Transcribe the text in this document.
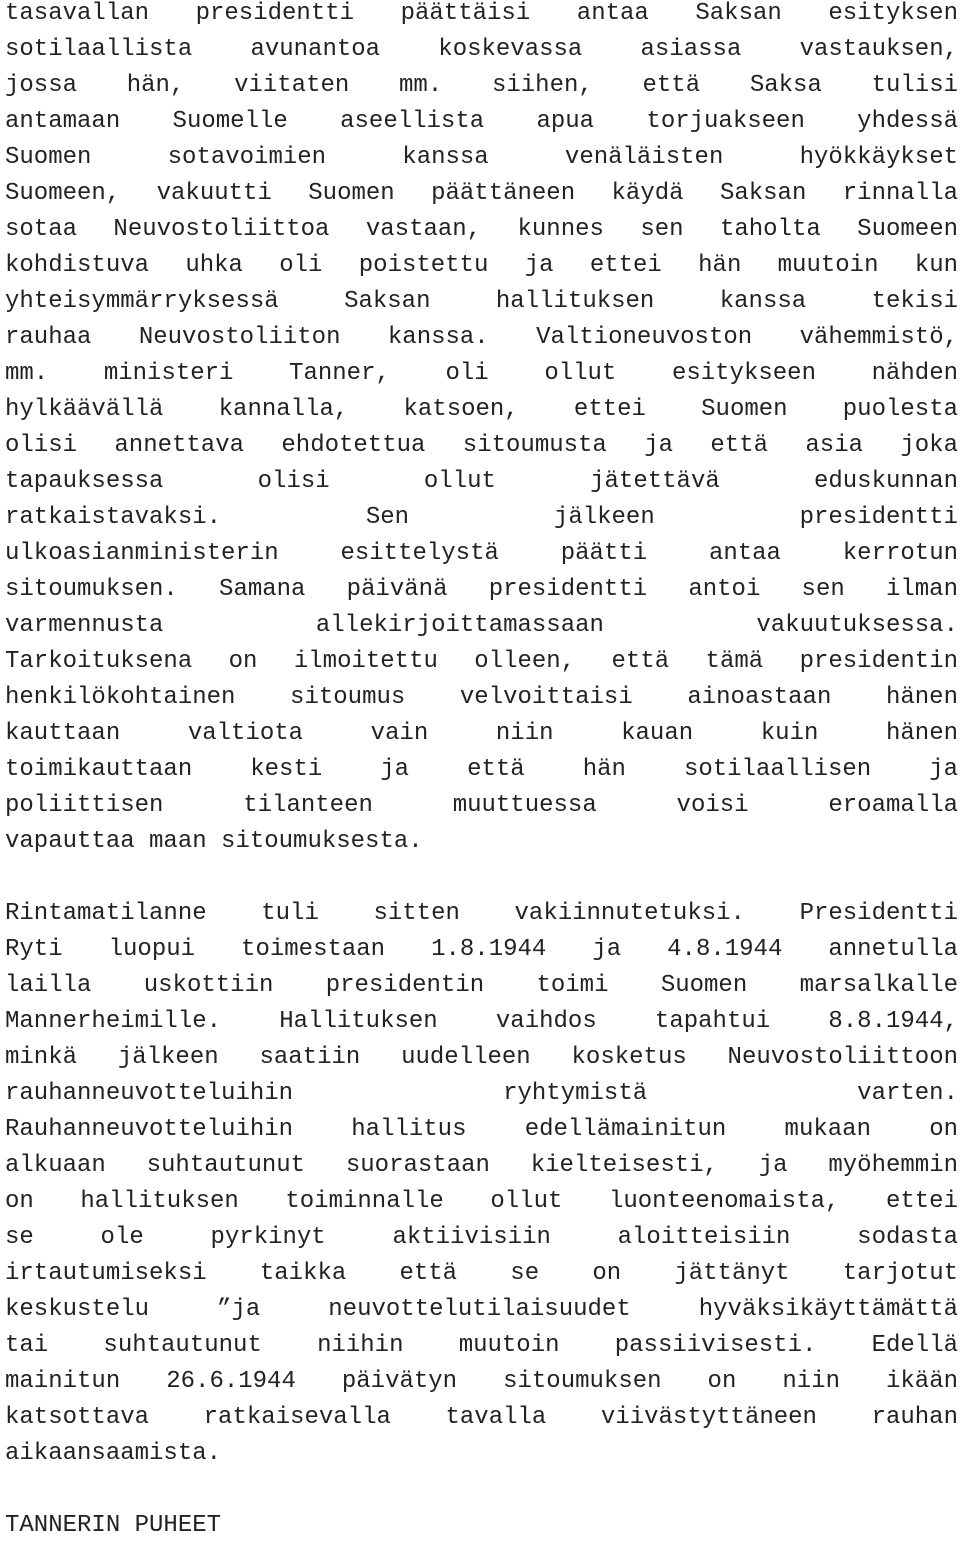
tasavallan presidentti päättäisi antaa Saksan esityksen
sotilaallista avunantoa koskevassa asiassa vastauksen,
jossa hän, viitaten mm. siihen, että Saksa tulisi
antamaan Suomelle aseellista apua torjuakseen yhdessä
Suomen sotavoimien kanssa venäläisten hyökkäykset
Suomeen, vakuutti Suomen päättäneen käydä Saksan rinnalla
sotaa Neuvostoliittoa vastaan, kunnes sen taholta Suomeen
kohdistuva uhka oli poistettu ja ettei hän muutoin kun
yhteisymmärryksessä Saksan hallituksen kanssa tekisi
rauhaa Neuvostoliiton kanssa. Valtioneuvoston vähemmistö,
mm. ministeri Tanner, oli ollut esitykseen nähden
hylkäävällä kannalla, katsoen, ettei Suomen puolesta
olisi annettava ehdotettua sitoumusta ja että asia joka
tapauksessa olisi ollut jätettävä eduskunnan
ratkaistavaksi. Sen jälkeen presidentti
ulkoasianministerin esittelystä päätti antaa kerrotun
sitoumuksen. Samana päivänä presidentti antoi sen ilman
varmennusta allekirjoittamassaan vakuutuksessa.
Tarkoituksena on ilmoitettu olleen, että tämä presidentin
henkilökohtainen sitoumus velvoittaisi ainoastaan hänen
kauttaan valtiota vain niin kauan kuin hänen
toimikauttaan kesti ja että hän sotilaallisen ja
poliittisen tilanteen muuttuessa voisi eroamalla
vapauttaa maan sitoumuksesta.
Rintamatilanne tuli sitten vakiinnutetuksi. Presidentti
Ryti luopui toimestaan 1.8.1944 ja 4.8.1944 annetulla
lailla uskottiin presidentin toimi Suomen marsalkalle
Mannerheimille. Hallituksen vaihdos tapahtui 8.8.1944,
minkä jälkeen saatiin uudelleen kosketus Neuvostoliittoon
rauhanneuvotteluihin ryhtymistä varten.
Rauhanneuvotteluihin hallitus edellämainitun mukaan on
alkuaan suhtautunut suorastaan kielteisesti, ja myöhemmin
on hallituksen toiminnalle ollut luonteenomaista, ettei
se ole pyrkinyt aktiivisiin aloitteisiin sodasta
irtautumiseksi taikka että se on jättänyt tarjotut
keskustelu ”ja neuvottelutilaisuudet hyväksikäyttämättä
tai suhtautunut niihin muutoin passiivisesti. Edellä
mainitun 26.6.1944 päivätyn sitoumuksen on niin ikään
katsottava ratkaisevalla tavalla viivästyttäneen rauhan
aikaansaamista.
TANNERIN PUHEET
